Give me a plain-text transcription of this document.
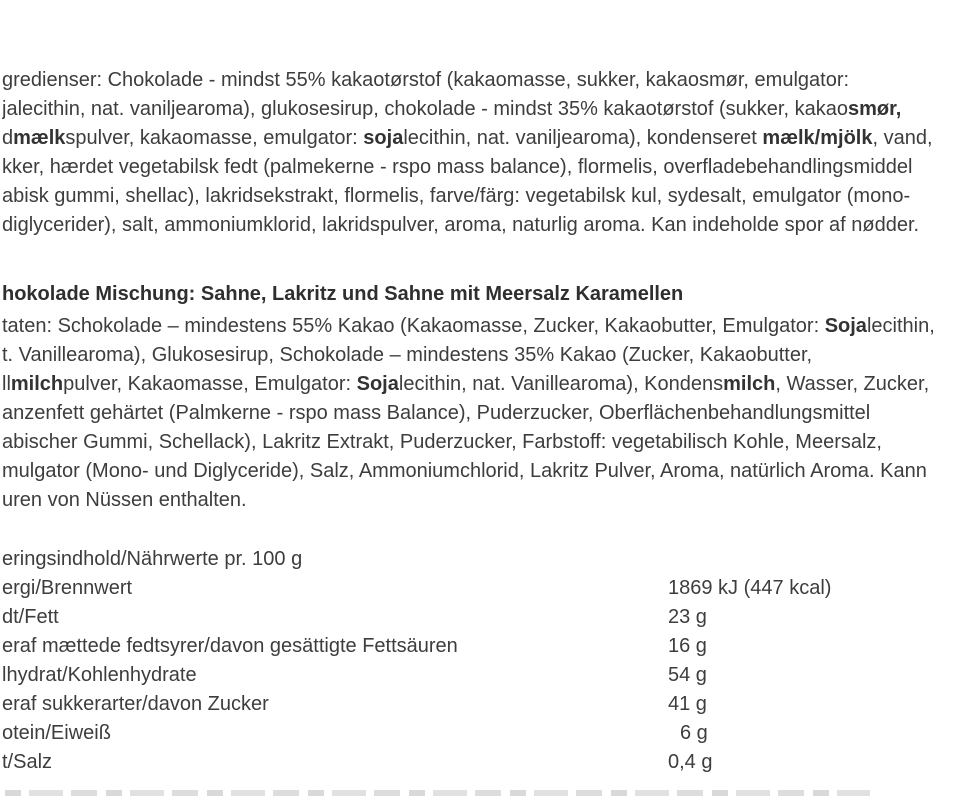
gredienser: Chokolade - mindst 55% kakaotørstof (kakaomasse, sukker, kakaosmør, emulgator:
jalecithin, nat. vaniljearoma), glukosesirup, chokolade - mindst 35% kakaotørstof (sukker, kakaosmør,
dmælkspulver, kakaomasse, emulgator: sojalecithin, nat. vaniljearoma), kondenseret mælk/mjölk, vand,
kker, hærdet vegetabilsk fedt (palmekerne - rspo mass balance), flormelis, overfladebehandlingsmiddel
abisk gummi, shellac), lakridsekstrakt, flormelis, farve/färg: vegetabilsk kul, sydesalt, emulgator (mono-
diglycerider), salt, ammoniumklorid, lakridspulver, aroma, naturlig aroma. Kan indeholde spor af nødder.
hokolade Mischung: Sahne, Lakritz und Sahne mit Meersalz Karamellen
taten: Schokolade – mindestens 55% Kakao (Kakaomasse, Zucker, Kakaobutter, Emulgator: Sojalecithin,
t. Vanillearoma), Glukosesirup, Schokolade – mindestens 35% Kakao (Zucker, Kakaobutter,
llmilchpulver, Kakaomasse, Emulgator: Sojalecithin, nat. Vanillearoma), Kondensmilch, Wasser, Zucker,
anzenfett gehärtet (Palmkerne - rspo mass Balance), Puderzucker, Oberflächenbehandlungsmittel
abischer Gummi, Schellack), Lakritz Extrakt, Puderzucker, Farbstoff: vegetabilisch Kohle, Meersalz,
mulgator (Mono- und Diglyceride), Salz, Ammoniumchlorid, Lakritz Pulver, Aroma, natürlich Aroma. Kann
uren von Nüssen enthalten.
eringsindhold/Nährwerte pr. 100 g
ergi/Brennwert	1869 kJ (447 kcal)
dt/Fett	23 g
eraf mættede fedtsyrer/davon gesättigte Fettsäuren	16 g
lhydrat/Kohlenhydrate	54 g
eraf sukkerarter/davon Zucker	41 g
otein/Eiweiß	6 g
t/Salz	0,4 g
